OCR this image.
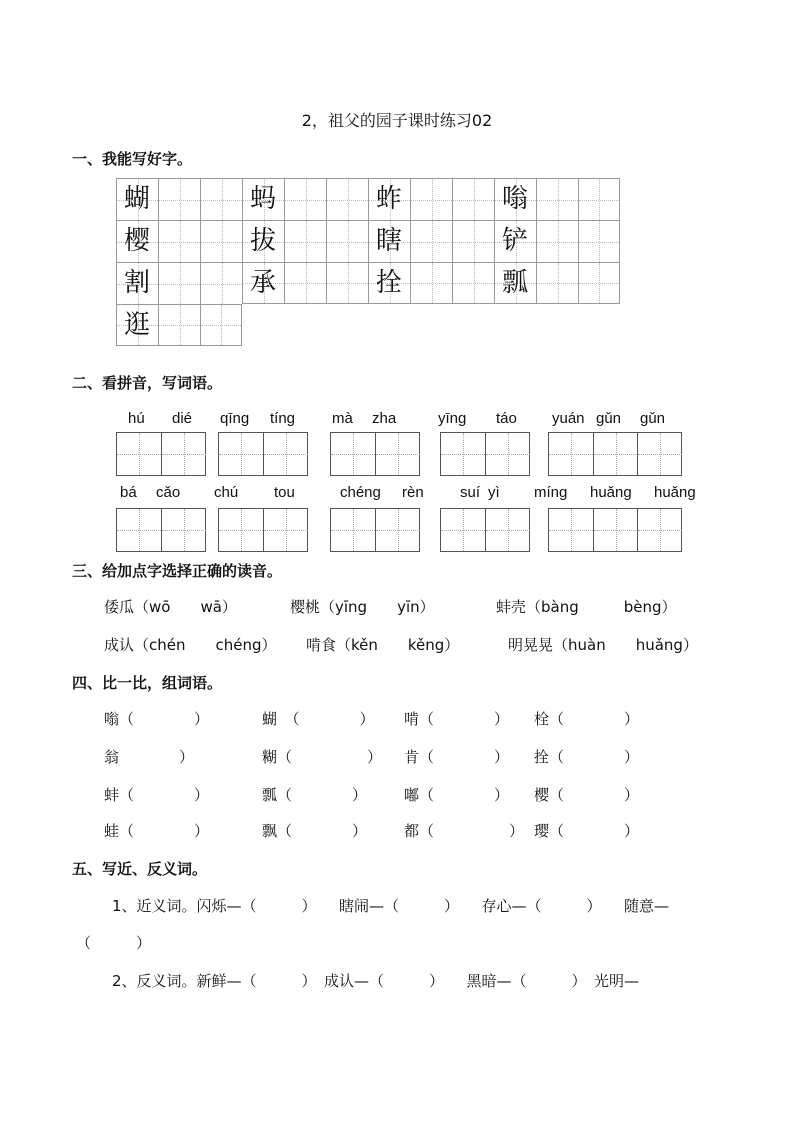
2，祖父的园子课时练习02
一、我能写好字。
蝴	蚂	蚱	嗡
樱	拔	瞎	铲
割	承	拴	瓢
逛
二、看拼音，写词语。
hú dié qīng tíng mà zha	yīng táo yuán gǔn gǔn
bá cǎo chú tou	chéng rèn suí yì míng huǎng huǎng
三、给加点字选择正确的读音。
倭瓜（wō　　wā）	樱桃（yīng　　yīn）	蚌壳（bàng　　　bèng）
成认（chén　　chéng） 啃食（kěn　　kěng）	明晃晃（huàn　　huǎng）
四、比一比，组词语。
嗡（　　　　）	蝴　（　　　　） 啃（　　　　） 栓（　　　　）
翁　　　　）	糊（　　　　　） 肯（　　　　） 拴（　　　　）
蚌（　　　　）	瓢（　　　　） 嘟（　　　　） 樱（　　　　）
蛙（　　　　）	飘（　　　　） 都（　　　　　） 璎（　　　　）
五、写近、反义词。
1、近义词。闪烁—（　　　）　　瞎闹—（　　　）　　存心—（　　　）　　随意—
（　　　）
2、反义词。新鲜—（　　　）　成认—（　　　）　　黑暗—（　　　）　光明—
